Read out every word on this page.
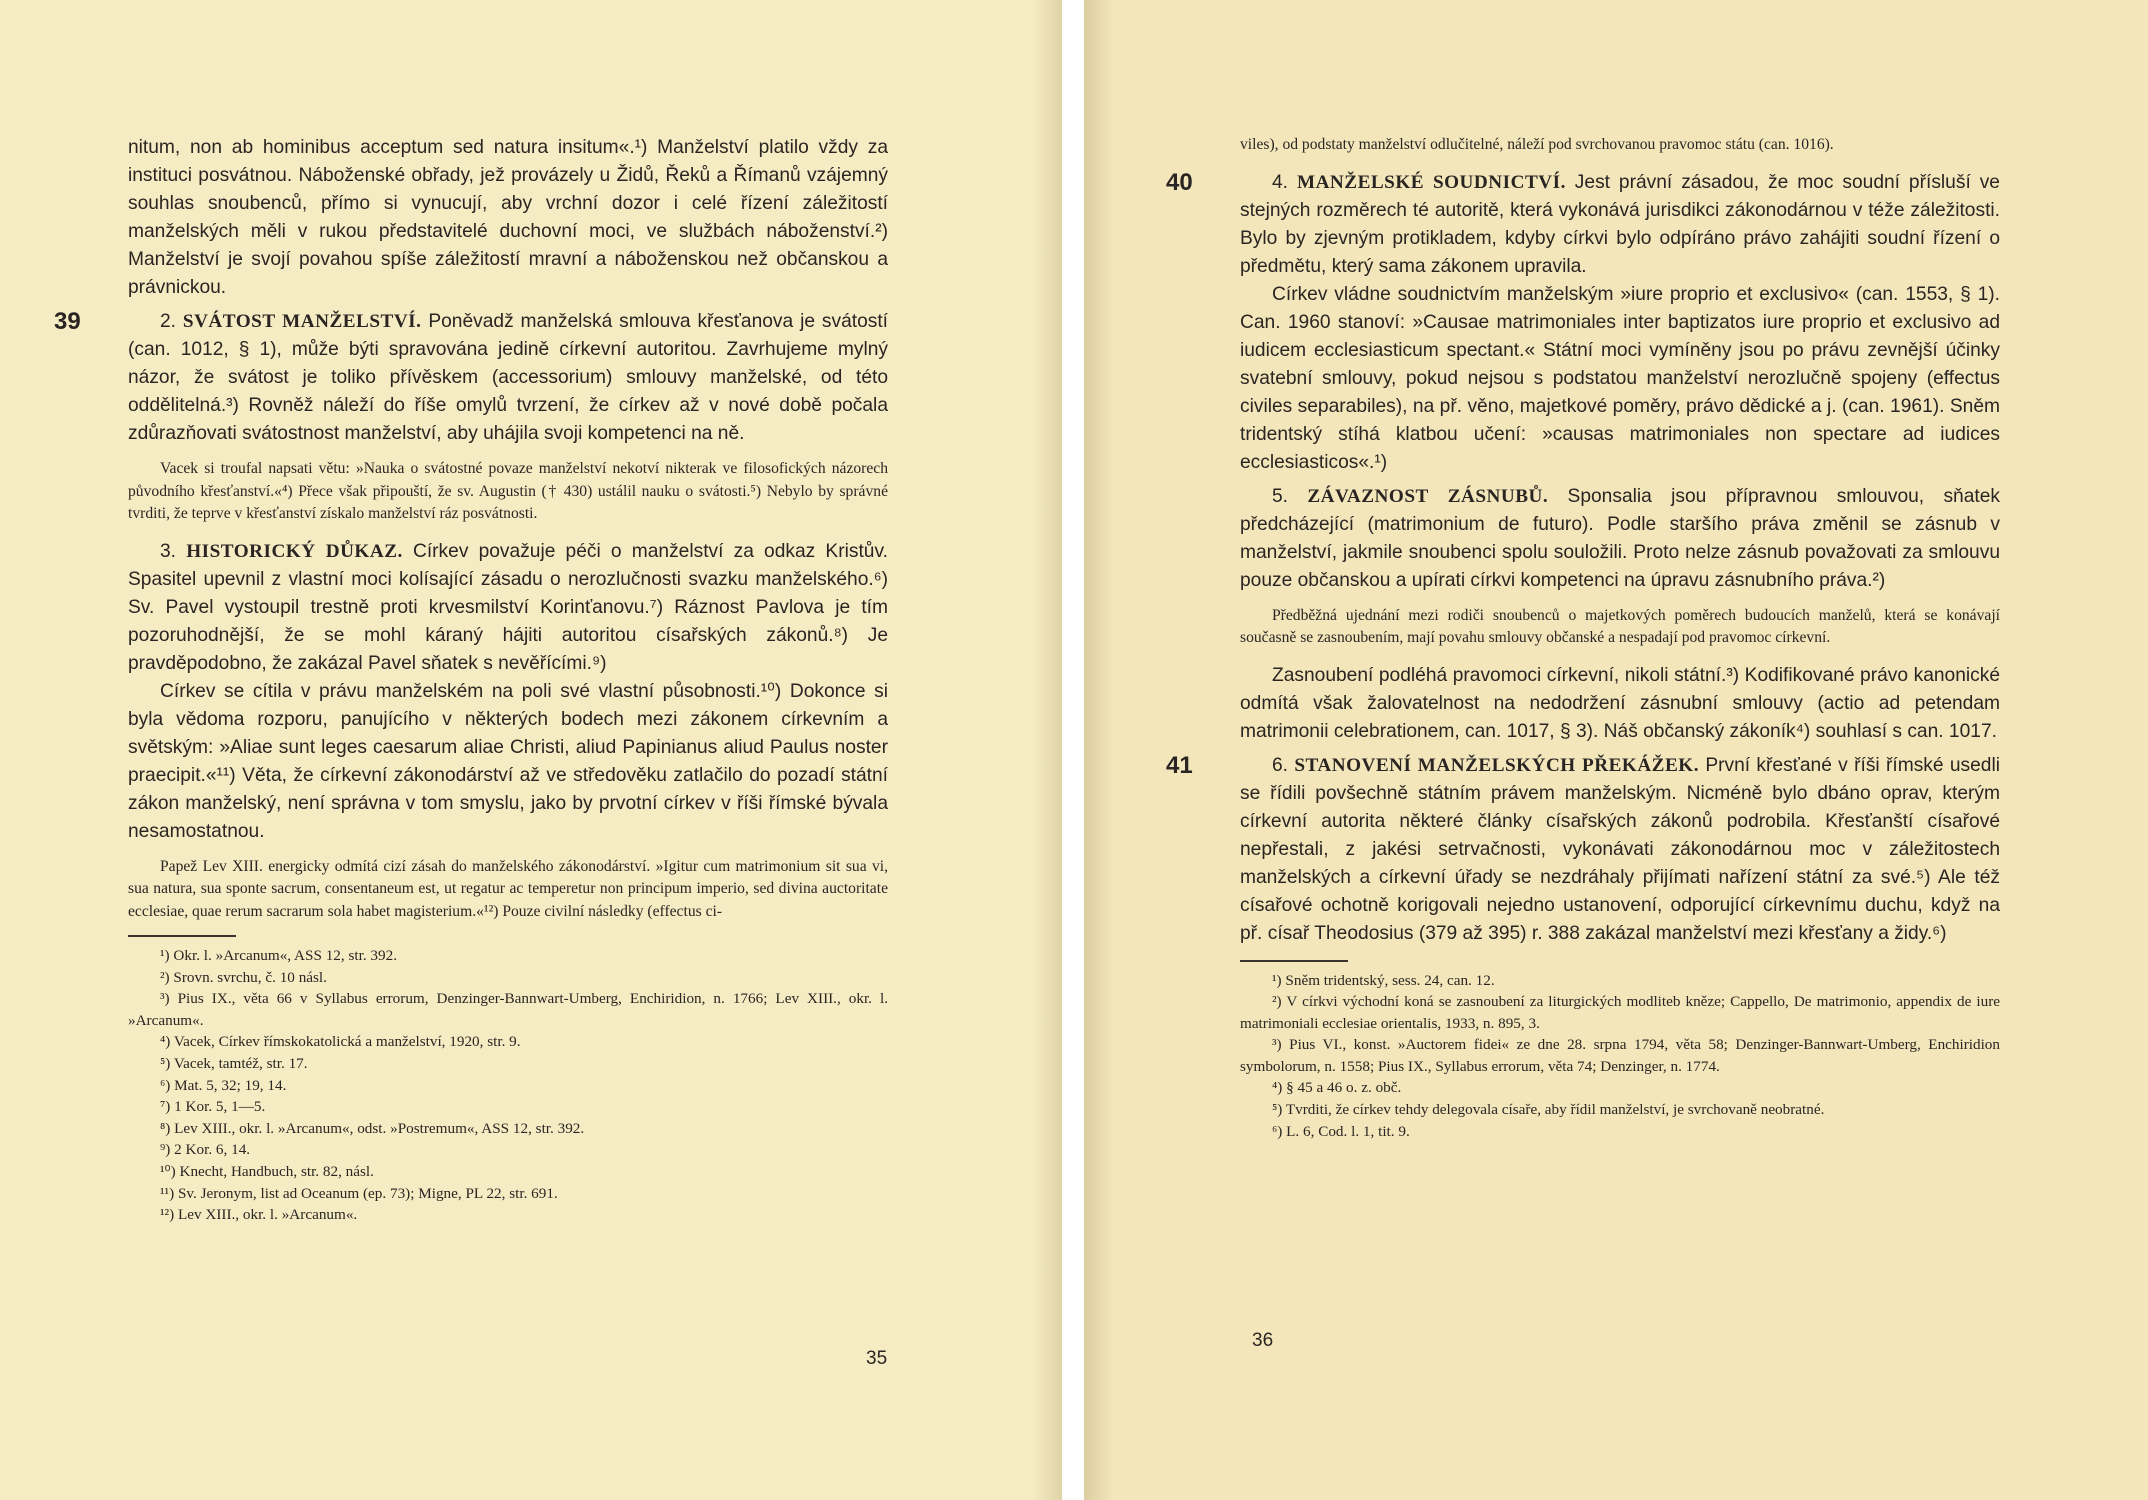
nitum, non ab hominibus acceptum sed natura insitum«.¹) Manželství platilo vždy za instituci posvátnou. Náboženské obřady, jež provázely u Židů, Řeků a Římanů vzájemný souhlas snoubenců, přímo si vynucují, aby vrchní dozor i celé řízení záležitostí manželských měli v rukou představitelé duchovní moci, ve službách náboženství.²) Manželství je svojí povahou spíše záležitostí mravní a náboženskou než občanskou a právnickou.

39	2. SVÁTOST MANŽELSTVÍ. Poněvadž manželská smlouva křesťanova je svátostí (can. 1012, § 1), může býti spravována jedině církevní autoritou. Zavrhujeme mylný názor, že svátost je toliko přívěskem (accessorium) smlouvy manželské, od této oddělitelná.³) Rovněž náleží do říše omylů tvrzení, že církev až v nové době počala zdůrazňovati svátostnost manželství, aby uhájila svoji kompetenci na ně.

Vacek si troufal napsati větu: »Nauka o svátostné povaze manželství nekotví nikterak ve filosofických názorech původního křesťanství.«⁴) Přece však připouští, že sv. Augustin († 430) ustálil nauku o svátosti.⁵) Nebylo by správné tvrditi, že teprve v křesťanství získalo manželství ráz posvátnosti.

3. HISTORICKÝ DŮKAZ. Církev považuje péči o manželství za odkaz Kristův. Spasitel upevnil z vlastní moci kolísající zásadu o nerozlučnosti svazku manželského.⁶) Sv. Pavel vystoupil trestně proti krvesmilství Korinťanovu.⁷) Ráznost Pavlova je tím pozoruhodnější, že se mohl káraný hájiti autoritou císařských zákonů.⁸) Je pravděpodobno, že zakázal Pavel sňatek s nevěřícími.⁹)

Církev se cítila v právu manželském na poli své vlastní působnosti.¹⁰) Dokonce si byla vědoma rozporu, panujícího v některých bodech mezi zákonem církevním a světským: »Aliae sunt leges caesarum aliae Christi, aliud Papinianus aliud Paulus noster praecipit.«¹¹) Věta, že církevní zákonodárství až ve středověku zatlačilo do pozadí státní zákon manželský, není správna v tom smyslu, jako by prvotní církev v říši římské bývala nesamostatnou.

Papež Lev XIII. energicky odmítá cizí zásah do manželského zákonodárství. »Igitur cum matrimonium sit sua vi, sua natura, sua sponte sacrum, consentaneum est, ut regatur ac temperetur non principum imperio, sed divina auctoritate ecclesiae, quae rerum sacrarum sola habet magisterium.«¹²) Pouze civilní následky (effectus ci-

¹) Okr. l. »Arcanum«, ASS 12, str. 392.

²) Srovn. svrchu, č. 10 násl.

³) Pius IX., věta 66 v Syllabus errorum, Denzinger-Bannwart-Umberg, Enchiridion, n. 1766; Lev XIII., okr. l. »Arcanum«.

⁴) Vacek, Církev římskokatolická a manželství, 1920, str. 9.

⁵) Vacek, tamtéž, str. 17.

⁶) Mat. 5, 32; 19, 14.

⁷) 1 Kor. 5, 1—5.

⁸) Lev XIII., okr. l. »Arcanum«, odst. »Postremum«, ASS 12, str. 392.

⁹) 2 Kor. 6, 14.

¹⁰) Knecht, Handbuch, str. 82, násl.

¹¹) Sv. Jeronym, list ad Oceanum (ep. 73); Migne, PL 22, str. 691.

¹²) Lev XIII., okr. l. »Arcanum«.

35

viles), od podstaty manželství odlučitelné, náleží pod svrchovanou pravomoc státu (can. 1016).

40	4. MANŽELSKÉ SOUDNICTVÍ. Jest právní zásadou, že moc soudní přísluší ve stejných rozměrech té autoritě, která vykonává jurisdikci zákonodárnou v téže záležitosti. Bylo by zjevným protikladem, kdyby církvi bylo odpíráno právo zahájiti soudní řízení o předmětu, který sama zákonem upravila.

Církev vládne soudnictvím manželským »iure proprio et exclusivo« (can. 1553, § 1). Can. 1960 stanoví: »Causae matrimoniales inter baptizatos iure proprio et exclusivo ad iudicem ecclesiasticum spectant.« Státní moci vymíněny jsou po právu zevnější účinky svatební smlouvy, pokud nejsou s podstatou manželství nerozlučně spojeny (effectus civiles separabiles), na př. věno, majetkové poměry, právo dědické a j. (can. 1961). Sněm tridentský stíhá klatbou učení: »causas matrimoniales non spectare ad iudices ecclesiasticos«.¹)

5. ZÁVAZNOST ZÁSNUBŮ. Sponsalia jsou přípravnou smlouvou, sňatek předcházející (matrimonium de futuro). Podle staršího práva změnil se zásnub v manželství, jakmile snoubenci spolu souložili. Proto nelze zásnub považovati za smlouvu pouze občanskou a upírati církvi kompetenci na úpravu zásnubního práva.²)

Předběžná ujednání mezi rodiči snoubenců o majetkových poměrech budoucích manželů, která se konávají současně se zasnoubením, mají povahu smlouvy občanské a nespadají pod pravomoc církevní.

Zasnoubení podléhá pravomoci církevní, nikoli státní.³) Kodifikované právo kanonické odmítá však žalovatelnost na nedodržení zásnubní smlouvy (actio ad petendam matrimonii celebrationem, can. 1017, § 3). Náš občanský zákoník⁴) souhlasí s can. 1017.

41	6. STANOVENÍ MANŽELSKÝCH PŘEKÁŽEK. První křesťané v říši římské usedli se řídili povšechně státním právem manželským. Nicméně bylo dbáno oprav, kterým církevní autorita některé články císařských zákonů podrobila. Křesťanští císařové nepřestali, z jakési setrvačnosti, vykonávati zákonodárnou moc v záležitostech manželských a církevní úřady se nezdráhaly přijímati nařízení státní za své.⁵) Ale též císařové ochotně korigovali nejedno ustanovení, odporující církevnímu duchu, když na př. císař Theodosius (379 až 395) r. 388 zakázal manželství mezi křesťany a židy.⁶)

¹) Sněm tridentský, sess. 24, can. 12.

²) V církvi východní koná se zasnoubení za liturgických modliteb kněze; Cappello, De matrimonio, appendix de iure matrimoniali ecclesiae orientalis, 1933, n. 895, 3.

³) Pius VI., konst. »Auctorem fidei« ze dne 28. srpna 1794, věta 58; Denzinger-Bannwart-Umberg, Enchiridion symbolorum, n. 1558; Pius IX., Syllabus errorum, věta 74; Denzinger, n. 1774.

⁴) § 45 a 46 o. z. obč.

⁵) Tvrditi, že církev tehdy delegovala císaře, aby řídil manželství, je svrchovaně neobratné.

⁶) L. 6, Cod. l. 1, tit. 9.

36
